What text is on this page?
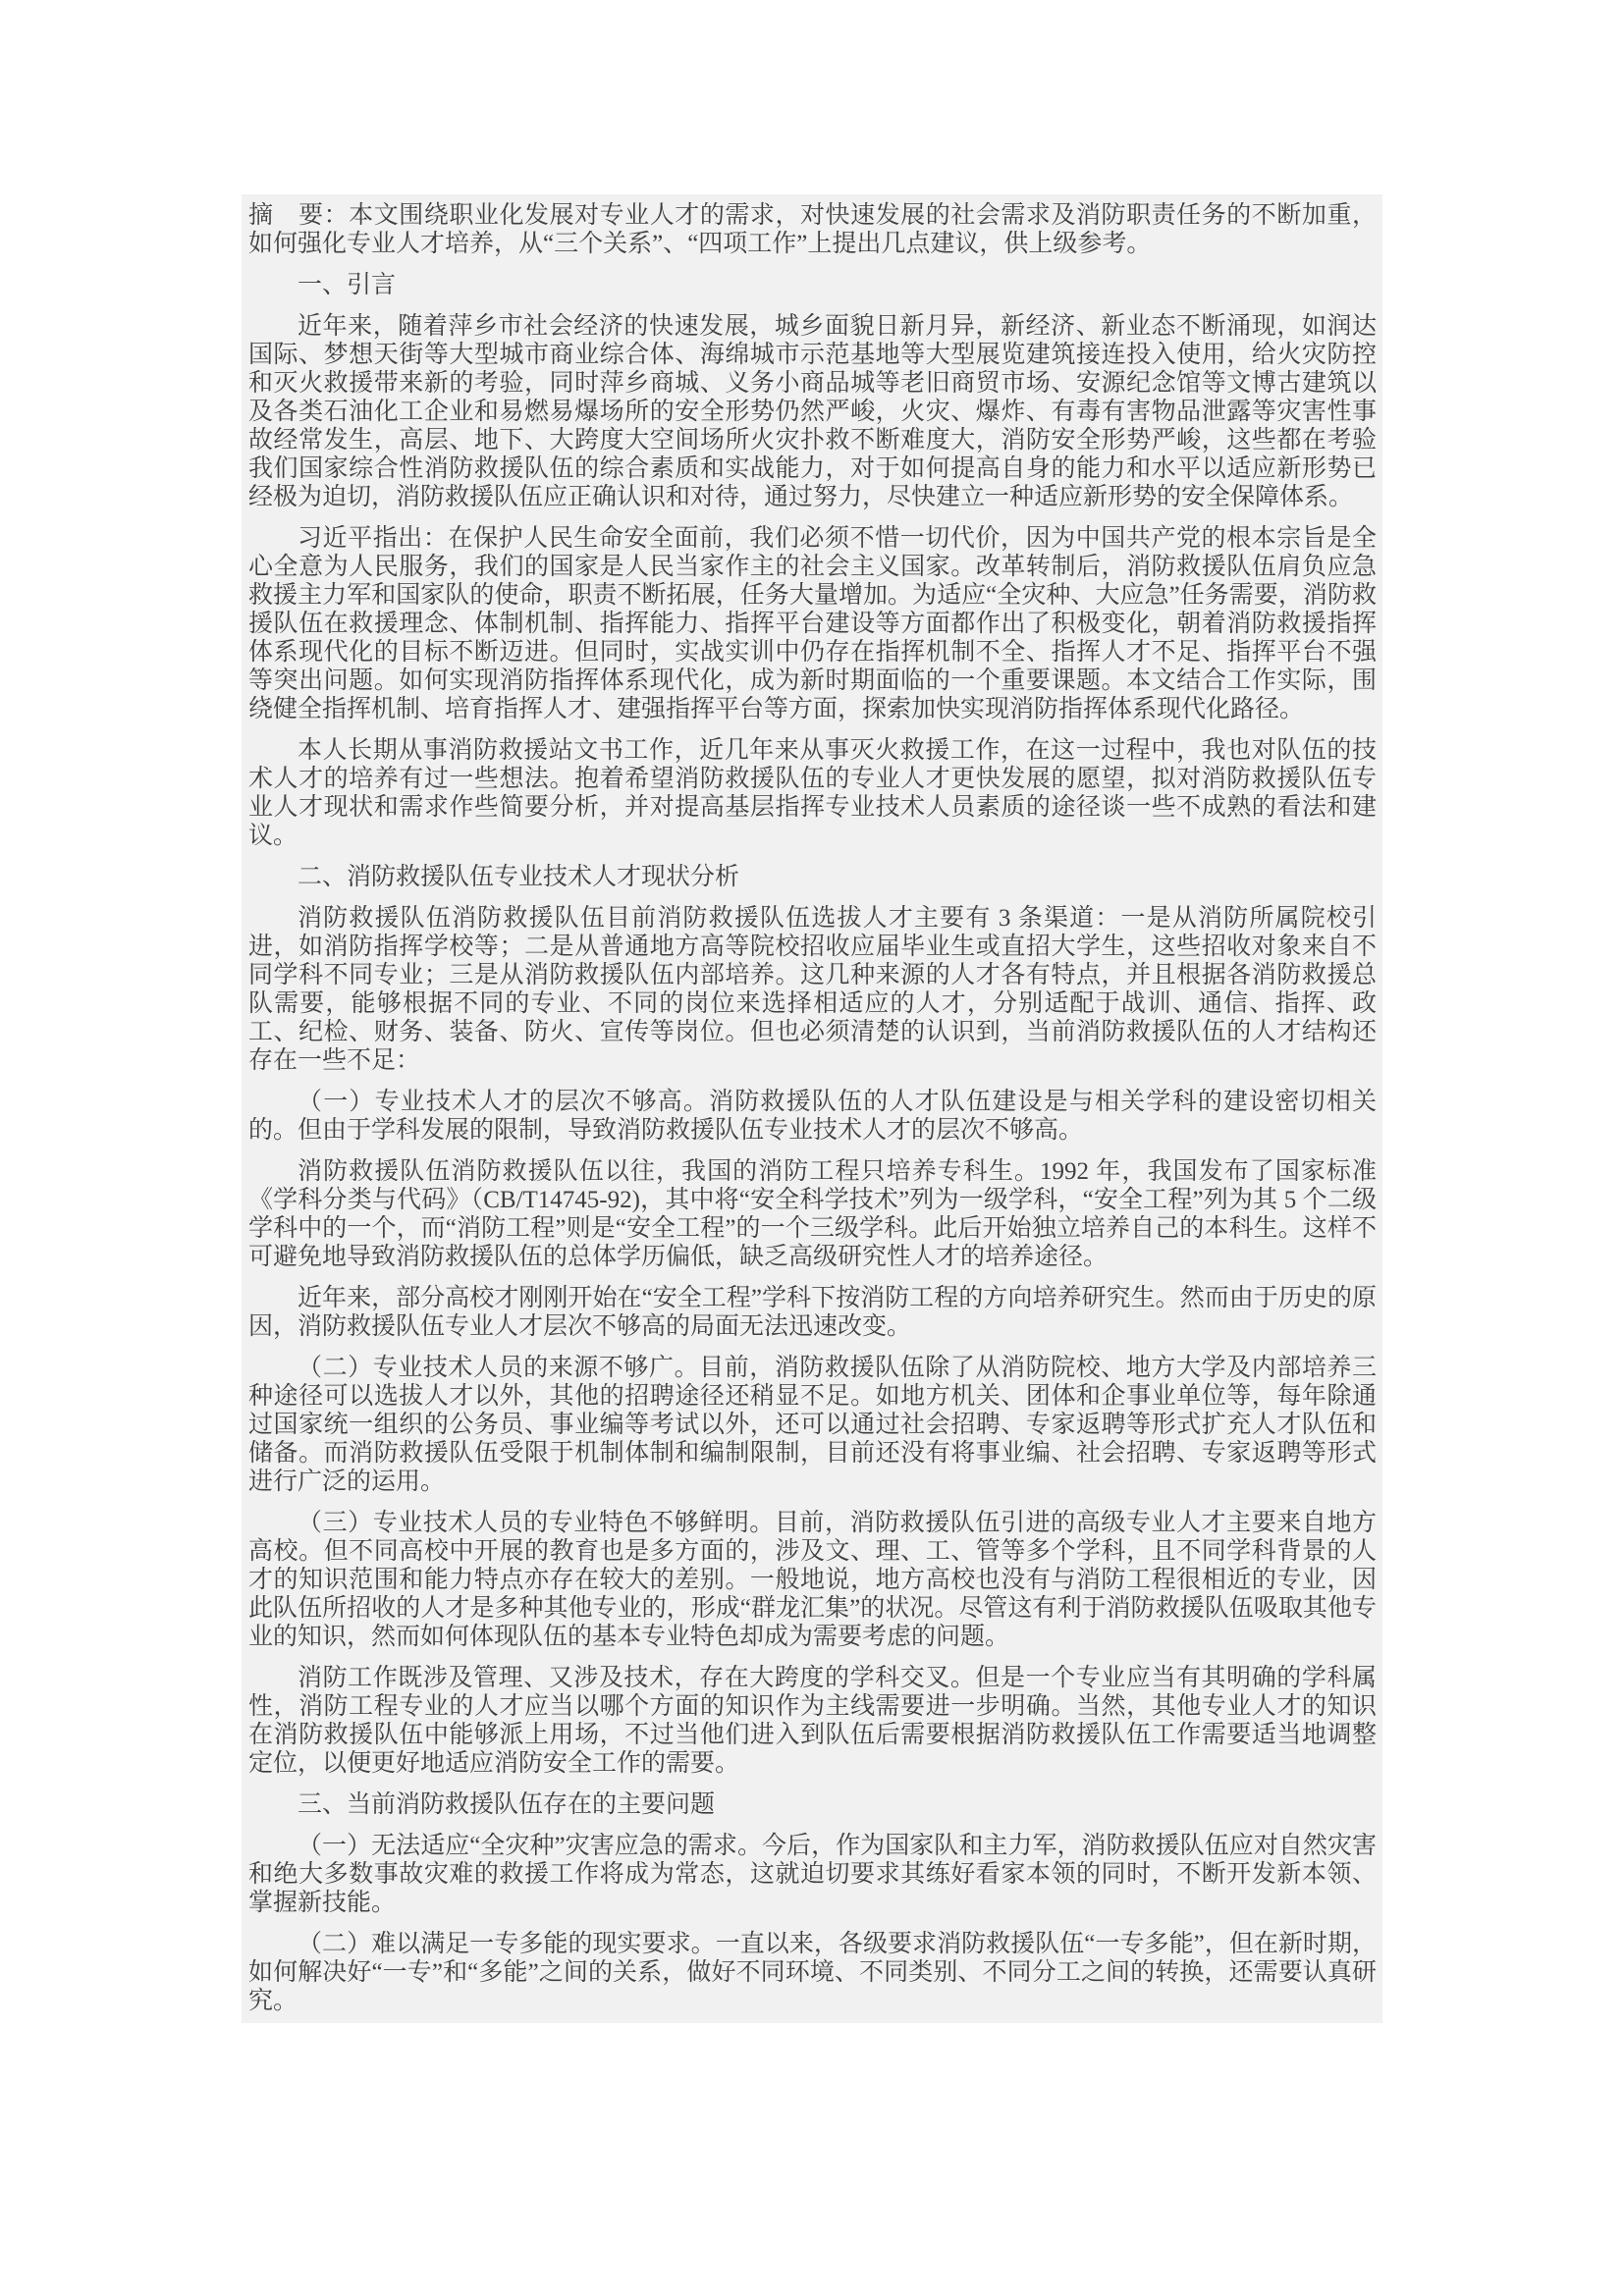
摘　要：本文围绕职业化发展对专业人才的需求，对快速发展的社会需求及消防职责任务的不断加重，如何强化专业人才培养，从“三个关系”、“四项工作”上提出几点建议，供上级参考。

一、引言

近年来，随着萍乡市社会经济的快速发展，城乡面貌日新月异，新经济、新业态不断涌现，如润达国际、梦想天街等大型城市商业综合体、海绵城市示范基地等大型展览建筑接连投入使用，给火灾防控和灭火救援带来新的考验，同时萍乡商城、义务小商品城等老旧商贸市场、安源纪念馆等文博古建筑以及各类石油化工企业和易燃易爆场所的安全形势仍然严峻，火灾、爆炸、有毒有害物品泄露等灾害性事故经常发生，高层、地下、大跨度大空间场所火灾扑救不断难度大，消防安全形势严峻，这些都在考验我们国家综合性消防救援队伍的综合素质和实战能力，对于如何提高自身的能力和水平以适应新形势已经极为迫切，消防救援队伍应正确认识和对待，通过努力，尽快建立一种适应新形势的安全保障体系。

习近平指出：在保护人民生命安全面前，我们必须不惜一切代价，因为中国共产党的根本宗旨是全心全意为人民服务，我们的国家是人民当家作主的社会主义国家。改革转制后，消防救援队伍肩负应急救援主力军和国家队的使命，职责不断拓展，任务大量增加。为适应“全灾种、大应急”任务需要，消防救援队伍在救援理念、体制机制、指挥能力、指挥平台建设等方面都作出了积极变化，朝着消防救援指挥体系现代化的目标不断迈进。但同时，实战实训中仍存在指挥机制不全、指挥人才不足、指挥平台不强等突出问题。如何实现消防指挥体系现代化，成为新时期面临的一个重要课题。本文结合工作实际，围绕健全指挥机制、培育指挥人才、建强指挥平台等方面，探索加快实现消防指挥体系现代化路径。

本人长期从事消防救援站文书工作，近几年来从事灭火救援工作，在这一过程中，我也对队伍的技术人才的培养有过一些想法。抱着希望消防救援队伍的专业人才更快发展的愿望，拟对消防救援队伍专业人才现状和需求作些简要分析，并对提高基层指挥专业技术人员素质的途径谈一些不成熟的看法和建议。

二、消防救援队伍专业技术人才现状分析

消防救援队伍消防救援队伍目前消防救援队伍选拔人才主要有 3 条渠道：一是从消防所属院校引进，如消防指挥学校等；二是从普通地方高等院校招收应届毕业生或直招大学生，这些招收对象来自不同学科不同专业；三是从消防救援队伍内部培养。这几种来源的人才各有特点，并且根据各消防救援总队需要，能够根据不同的专业、不同的岗位来选择相适应的人才，分别适配于战训、通信、指挥、政工、纪检、财务、装备、防火、宣传等岗位。但也必须清楚的认识到，当前消防救援队伍的人才结构还存在一些不足：

（一）专业技术人才的层次不够高。消防救援队伍的人才队伍建设是与相关学科的建设密切相关的。但由于学科发展的限制，导致消防救援队伍专业技术人才的层次不够高。

消防救援队伍消防救援队伍以往，我国的消防工程只培养专科生。1992 年，我国发布了国家标准《学科分类与代码》（CB/T14745-92)，其中将“安全科学技术”列为一级学科，“安全工程”列为其 5 个二级学科中的一个，而“消防工程”则是“安全工程”的一个三级学科。此后开始独立培养自己的本科生。这样不可避免地导致消防救援队伍的总体学历偏低，缺乏高级研究性人才的培养途径。

近年来，部分高校才刚刚开始在“安全工程”学科下按消防工程的方向培养研究生。然而由于历史的原因，消防救援队伍专业人才层次不够高的局面无法迅速改变。

（二）专业技术人员的来源不够广。目前，消防救援队伍除了从消防院校、地方大学及内部培养三种途径可以选拔人才以外，其他的招聘途径还稍显不足。如地方机关、团体和企事业单位等，每年除通过国家统一组织的公务员、事业编等考试以外，还可以通过社会招聘、专家返聘等形式扩充人才队伍和储备。而消防救援队伍受限于机制体制和编制限制，目前还没有将事业编、社会招聘、专家返聘等形式进行广泛的运用。

（三）专业技术人员的专业特色不够鲜明。目前，消防救援队伍引进的高级专业人才主要来自地方高校。但不同高校中开展的教育也是多方面的，涉及文、理、工、管等多个学科，且不同学科背景的人才的知识范围和能力特点亦存在较大的差别。一般地说，地方高校也没有与消防工程很相近的专业，因此队伍所招收的人才是多种其他专业的，形成“群龙汇集”的状况。尽管这有利于消防救援队伍吸取其他专业的知识，然而如何体现队伍的基本专业特色却成为需要考虑的问题。

消防工作既涉及管理、又涉及技术，存在大跨度的学科交叉。但是一个专业应当有其明确的学科属性，消防工程专业的人才应当以哪个方面的知识作为主线需要进一步明确。当然，其他专业人才的知识在消防救援队伍中能够派上用场，不过当他们进入到队伍后需要根据消防救援队伍工作需要适当地调整定位，以便更好地适应消防安全工作的需要。

三、当前消防救援队伍存在的主要问题

（一）无法适应“全灾种”灾害应急的需求。今后，作为国家队和主力军，消防救援队伍应对自然灾害和绝大多数事故灾难的救援工作将成为常态，这就迫切要求其练好看家本领的同时，不断开发新本领、掌握新技能。

（二）难以满足一专多能的现实要求。一直以来，各级要求消防救援队伍“一专多能”，但在新时期，如何解决好“一专”和“多能”之间的关系，做好不同环境、不同类别、不同分工之间的转换，还需要认真研究。
